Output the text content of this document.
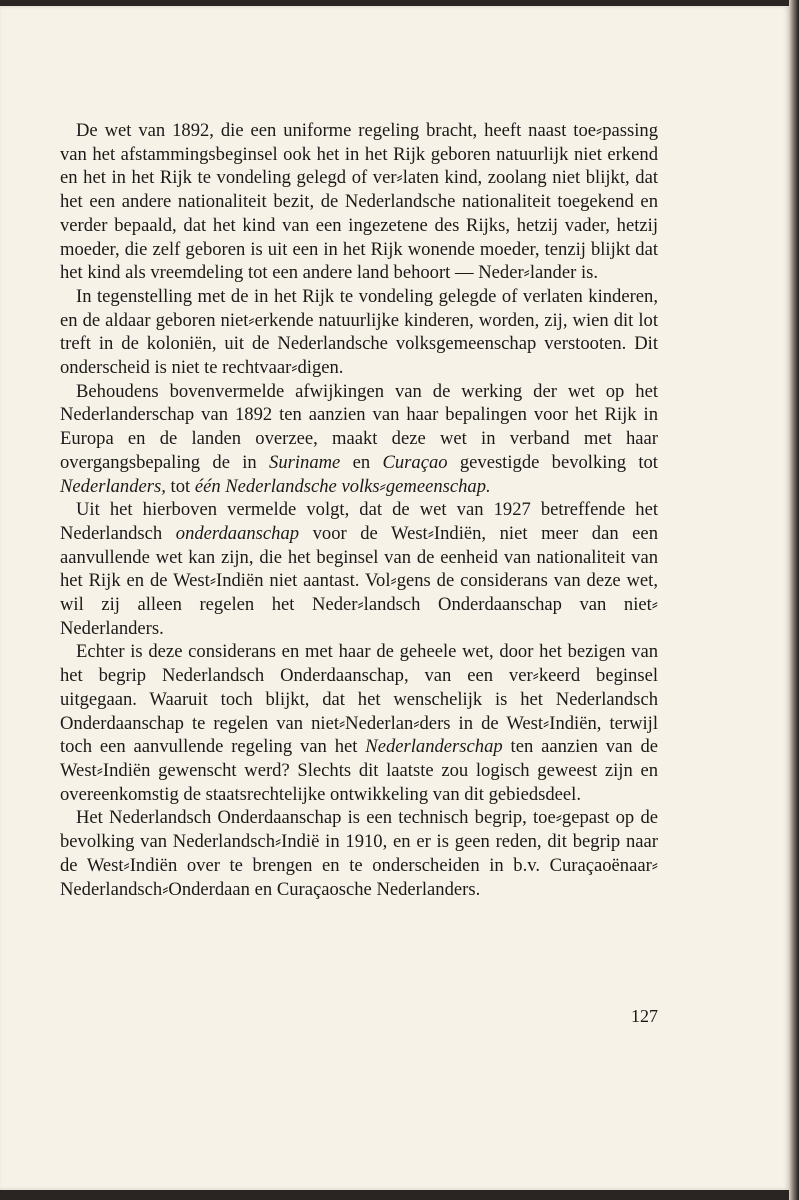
De wet van 1892, die een uniforme regeling bracht, heeft naast toe⸗passing van het afstammingsbeginsel ook het in het Rijk geboren natuurlijk niet erkend en het in het Rijk te vondeling gelegd of ver⸗laten kind, zoolang niet blijkt, dat het een andere nationaliteit bezit, de Nederlandsche nationaliteit toegekend en verder bepaald, dat het kind van een ingezetene des Rijks, hetzij vader, hetzij moeder, die zelf geboren is uit een in het Rijk wonende moeder, tenzij blijkt dat het kind als vreemdeling tot een andere land behoort — Neder⸗lander is.

In tegenstelling met de in het Rijk te vondeling gelegde of verlaten kinderen, en de aldaar geboren niet⸗erkende natuurlijke kinderen, worden, zij, wien dit lot treft in de koloniën, uit de Nederlandsche volksgemeenschap verstooten. Dit onderscheid is niet te rechtvaar⸗digen.

Behoudens bovenvermelde afwijkingen van de werking der wet op het Nederlanderschap van 1892 ten aanzien van haar bepalingen voor het Rijk in Europa en de landen overzee, maakt deze wet in verband met haar overgangsbepaling de in Suriname en Curaçao gevestigde bevolking tot Nederlanders, tot één Nederlandsche volks⸗gemeenschap.

Uit het hierboven vermelde volgt, dat de wet van 1927 betreffende het Nederlandsch onderdaanschap voor de West⸗Indiën, niet meer dan een aanvullende wet kan zijn, die het beginsel van de eenheid van nationaliteit van het Rijk en de West⸗Indiën niet aantast. Vol⸗gens de considerans van deze wet, wil zij alleen regelen het Neder⸗landsch Onderdaanschap van niet⸗Nederlanders.

Echter is deze considerans en met haar de geheele wet, door het bezigen van het begrip Nederlandsch Onderdaanschap, van een ver⸗keerd beginsel uitgegaan. Waaruit toch blijkt, dat het wenschelijk is het Nederlandsch Onderdaanschap te regelen van niet⸗Nederlan⸗ders in de West⸗Indiën, terwijl toch een aanvullende regeling van het Nederlanderschap ten aanzien van de West⸗Indiën gewenscht werd? Slechts dit laatste zou logisch geweest zijn en overeenkomstig de staatsrechtelijke ontwikkeling van dit gebiedsdeel.

Het Nederlandsch Onderdaanschap is een technisch begrip, toe⸗gepast op de bevolking van Nederlandsch⸗Indië in 1910, en er is geen reden, dit begrip naar de West⸗Indiën over te brengen en te onderscheiden in b.v. Curaçaoënaar⸗Nederlandsch⸗Onderdaan en Curaçaosche Nederlanders.

127
